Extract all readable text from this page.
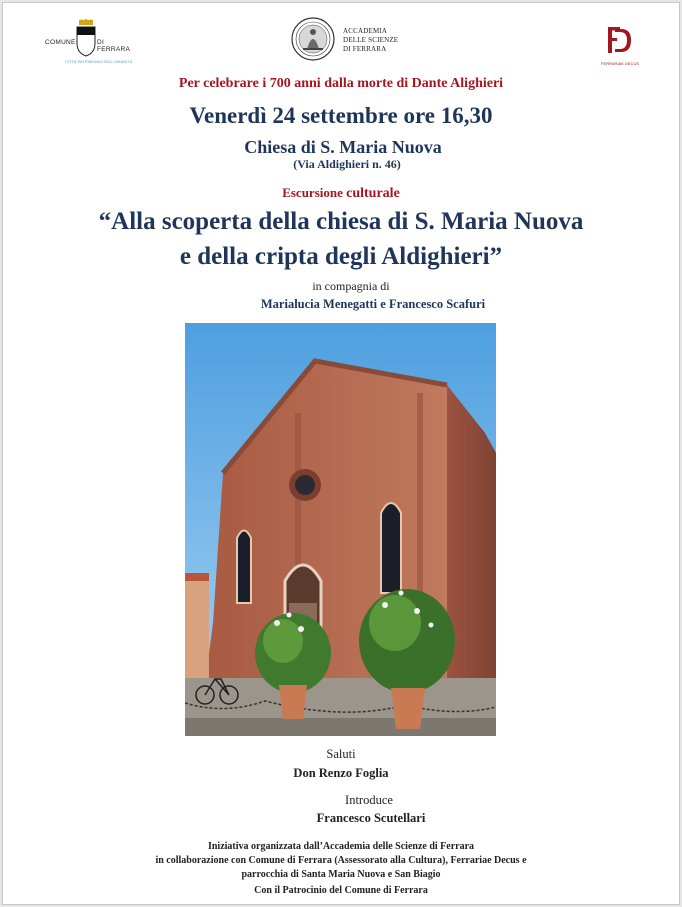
COMUNE	DI FERRARA
CITTÀ PATRIMONIO DELL'UMANITÀ
ACCADEMIA
DELLE SCIENZE
DI FERRARA
FERRARIAE DECUS
Per celebrare i 700 anni dalla morte di Dante Alighieri
Venerdì 24 settembre ore 16,30
Chiesa di S. Maria Nuova
(Via Aldighieri n. 46)
Escursione culturale
“Alla scoperta della chiesa di S. Maria Nuova
e della cripta degli Aldighieri”
in compagnia di
Marialucia Menegatti e Francesco Scafuri
Saluti
Don Renzo Foglia
Introduce
Francesco Scutellari
Iniziativa organizzata dall’Accademia delle Scienze di Ferrara
in collaborazione con Comune di Ferrara (Assessorato alla Cultura), Ferrariae Decus e
parrocchia di Santa Maria Nuova e San Biagio
Con il Patrocinio del Comune di Ferrara
